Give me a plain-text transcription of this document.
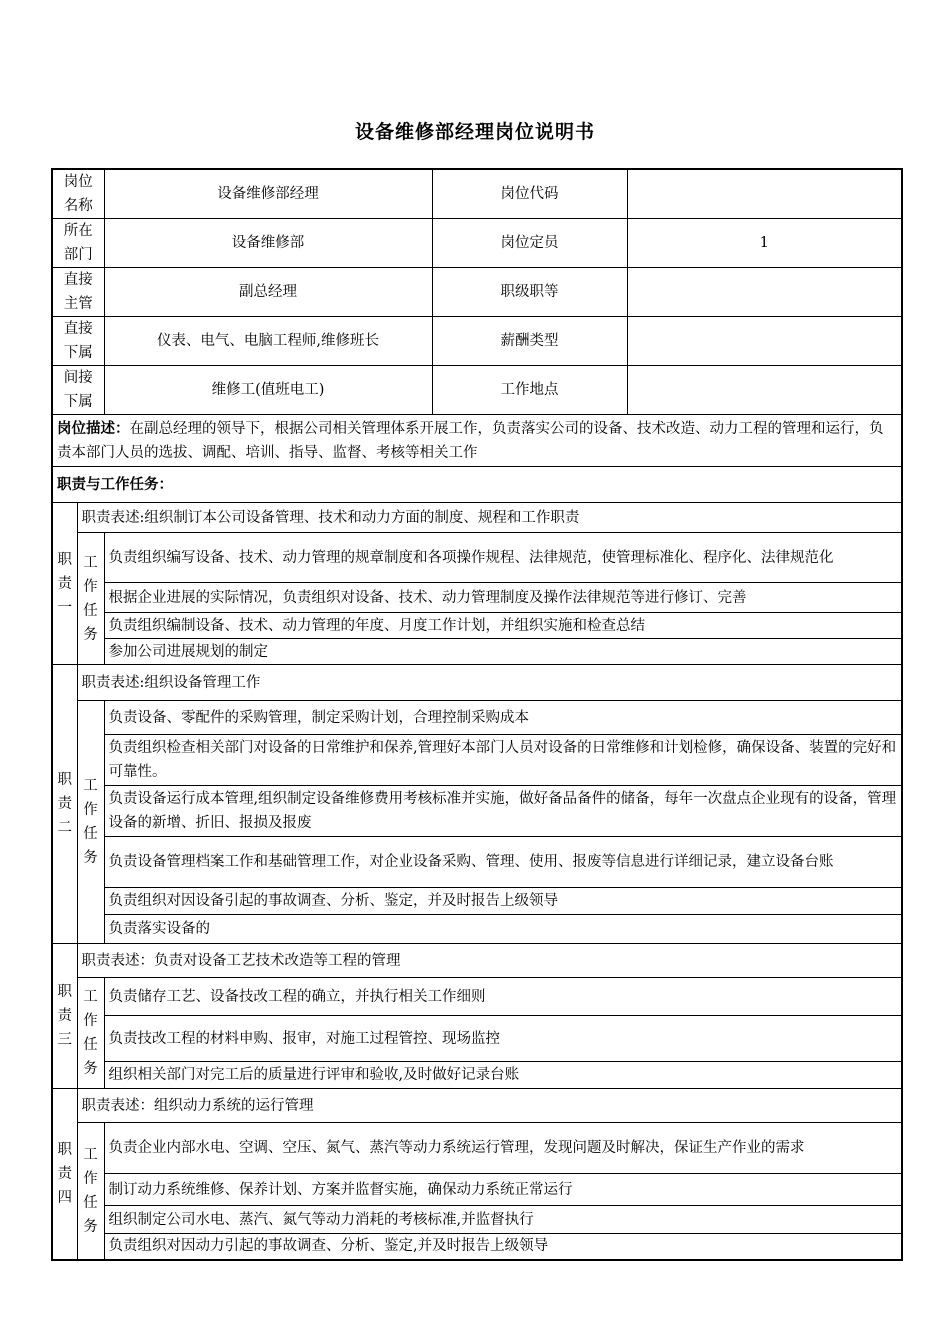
设备维修部经理岗位说明书
岗位名称		设备维修部经理	岗位代码	
所在部门		设备维修部	岗位定员	1
直接主管		副总经理	职级职等	
直接下属		仪表、电气、电脑工程师,维修班长	薪酬类型	
间接下属		维修工(值班电工)	工作地点	
岗位描述：在副总经理的领导下，根据公司相关管理体系开展工作，负责落实公司的设备、技术改造、动力工程的管理和运行，负责本部门人员的选拔、调配、培训、指导、监督、考核等相关工作				
职责与工作任务：				
职
责
一	职责表述:组织制订本公司设备管理、技术和动力方面的制度、规程和工作职责			
	工
作
任
务	负责组织编写设备、技术、动力管理的规章制度和各项操作规程、法律规范，使管理标准化、程序化、法律规范化		
		根据企业进展的实际情况，负责组织对设备、技术、动力管理制度及操作法律规范等进行修订、完善		
		负责组织编制设备、技术、动力管理的年度、月度工作计划，并组织实施和检查总结		
		参加公司进展规划的制定		
职
责
二	职责表述:组织设备管理工作			
	工
作
任
务	负责设备、零配件的采购管理，制定采购计划，合理控制采购成本		
		负责组织检查相关部门对设备的日常维护和保养,管理好本部门人员对设备的日常维修和计划检修，确保设备、装置的完好和可靠性。		
		负责设备运行成本管理,组织制定设备维修费用考核标准并实施，做好备品备件的储备，每年一次盘点企业现有的设备，管理设备的新增、折旧、报损及报废		
		负责设备管理档案工作和基础管理工作，对企业设备采购、管理、使用、报废等信息进行详细记录，建立设备台账		
		负责组织对因设备引起的事故调查、分析、鉴定，并及时报告上级领导		
		负责落实设备的		
职
责
三	职责表述：负责对设备工艺技术改造等工程的管理			
	工
作
任
务	负责储存工艺、设备技改工程的确立，并执行相关工作细则		
		负责技改工程的材料申购、报审，对施工过程管控、现场监控		
		组织相关部门对完工后的质量进行评审和验收,及时做好记录台账		
职
责
四	职责表述：组织动力系统的运行管理			
	工
作
任
务	负责企业内部水电、空调、空压、氮气、蒸汽等动力系统运行管理，发现问题及时解决，保证生产作业的需求		
		制订动力系统维修、保养计划、方案并监督实施，确保动力系统正常运行		
		组织制定公司水电、蒸汽、氮气等动力消耗的考核标准,并监督执行		
		负责组织对因动力引起的事故调查、分析、鉴定,并及时报告上级领导		
